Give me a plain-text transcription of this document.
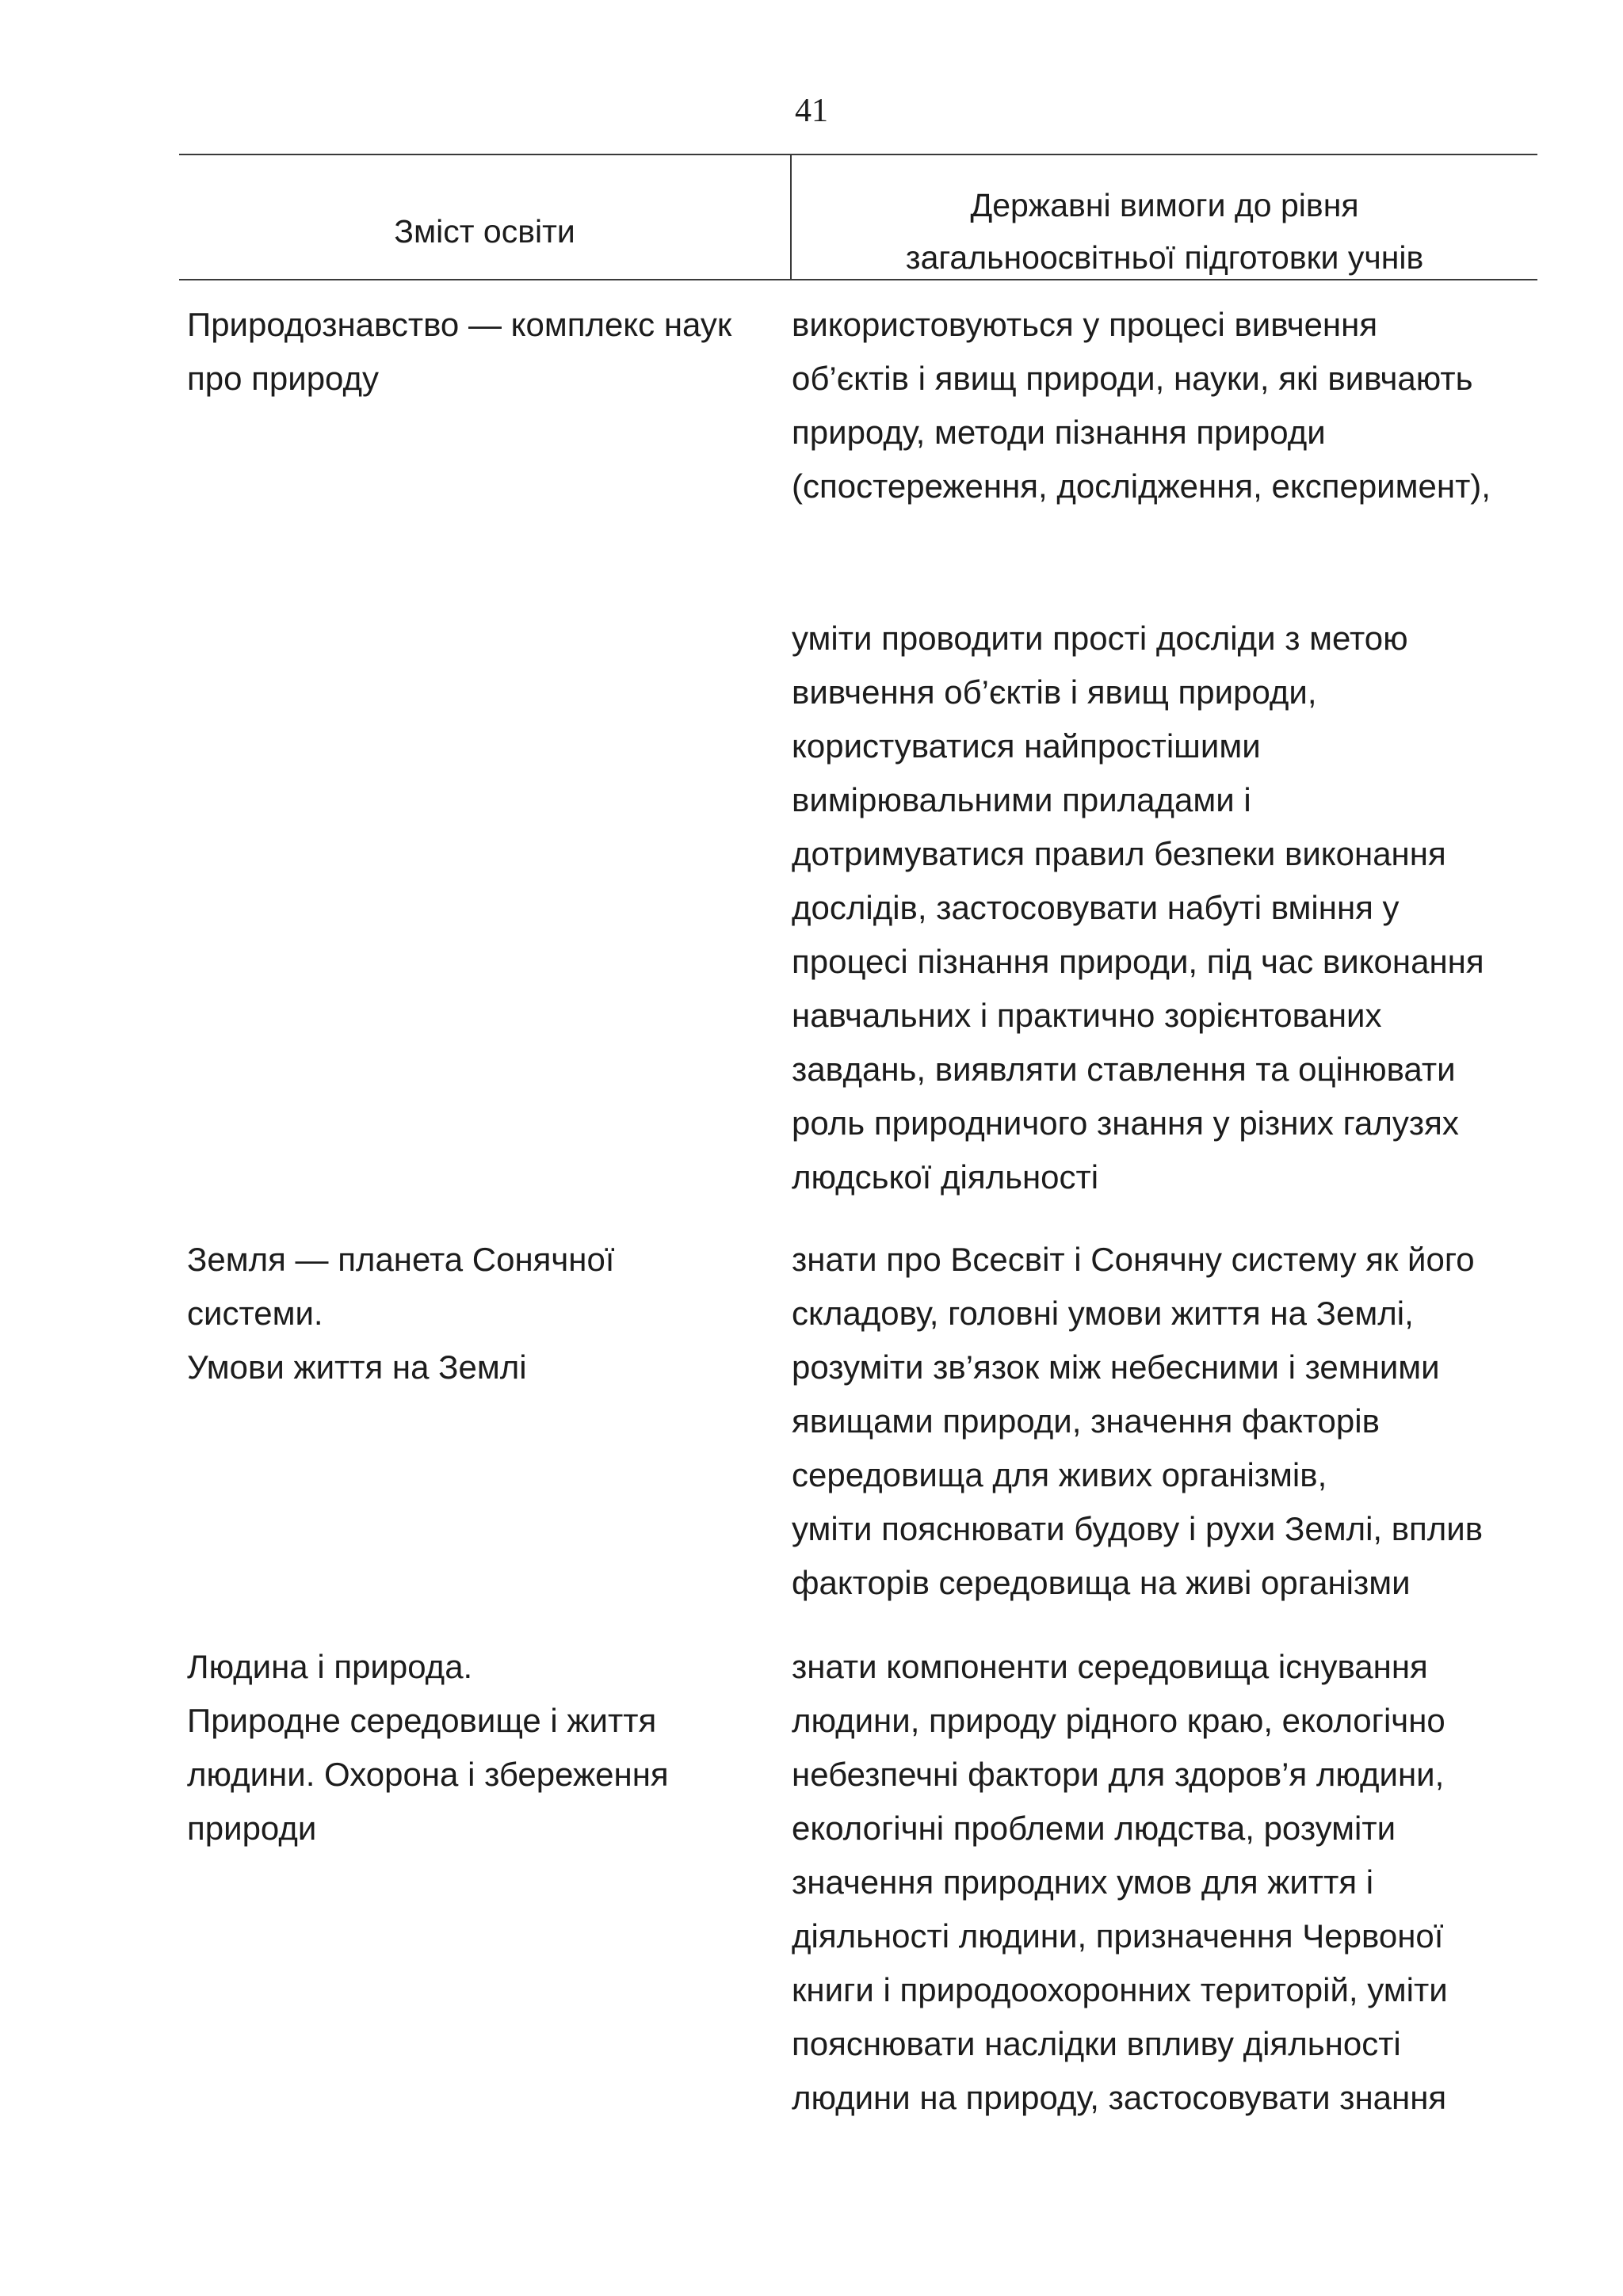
41
Зміст освіти
Державні вимоги до рівня
загальноосвітньої підготовки учнів
Природознавство — комплекс наук
про природу
використовуються у процесі вивчення
об’єктів і явищ природи, науки, які вивчають
природу, методи пізнання природи
(спостереження, дослідження, експеримент),
уміти проводити прості досліди з метою
вивчення об’єктів і явищ природи,
користуватися найпростішими
вимірювальними приладами і
дотримуватися правил безпеки виконання
дослідів, застосовувати набуті вміння у
процесі пізнання природи, під час виконання
навчальних і практично зорієнтованих
завдань, виявляти ставлення та оцінювати
роль природничого знання у різних галузях
людської діяльності
Земля — планета Сонячної
системи.
Умови життя на Землі
знати про Всесвіт і Сонячну систему як його
складову, головні умови життя на Землі,
розуміти зв’язок між небесними і земними
явищами природи, значення факторів
середовища для живих організмів,
уміти пояснювати будову і рухи Землі, вплив
факторів середовища на живі організми
Людина і природа.
Природне середовище і життя
людини. Охорона і збереження
природи
знати компоненти середовища існування
людини, природу рідного краю, екологічно
небезпечні фактори для здоров’я людини,
екологічні проблеми людства, розуміти
значення природних умов для життя і
діяльності людини, призначення Червоної
книги і природоохоронних територій, уміти
пояснювати наслідки впливу діяльності
людини на природу, застосовувати знання
